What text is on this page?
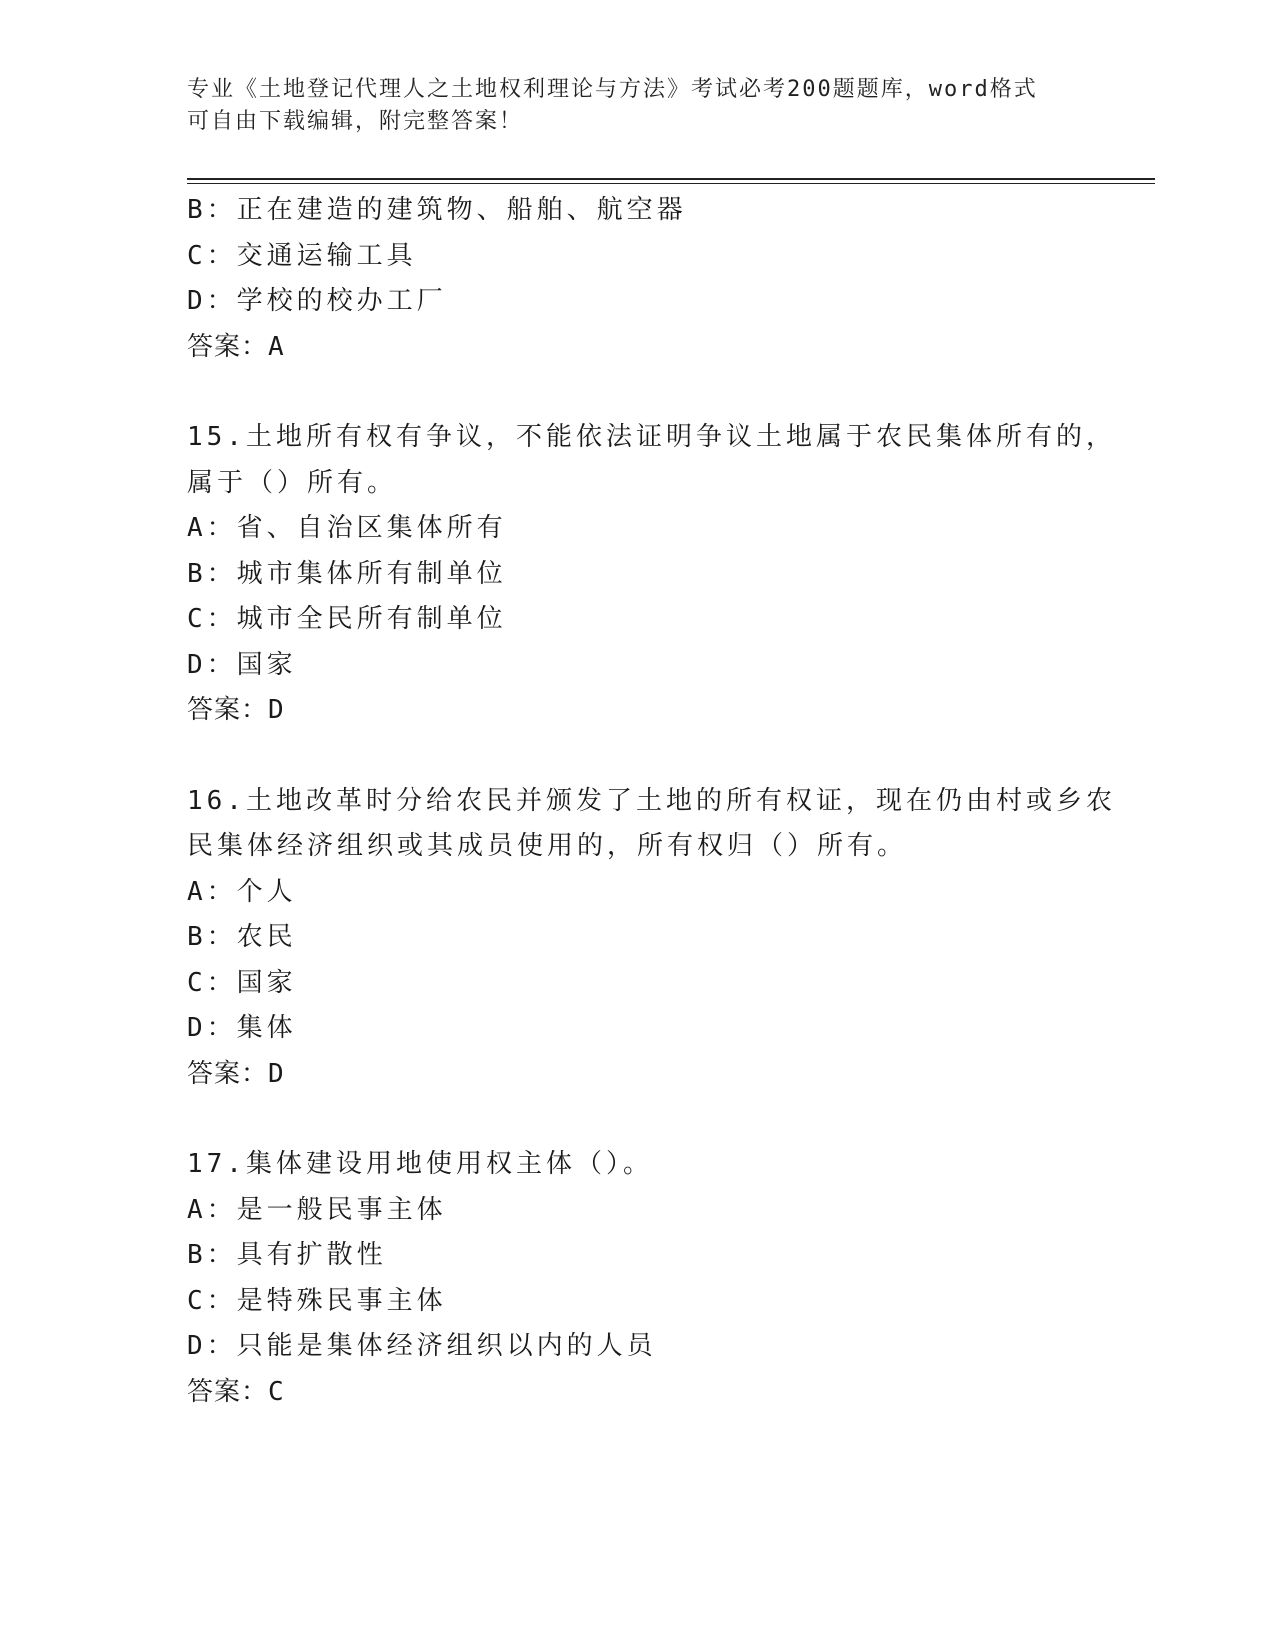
专业《土地登记代理人之土地权利理论与方法》考试必考200题题库，word格式
可自由下载编辑，附完整答案！
B：正在建造的建筑物、船舶、航空器
C：交通运输工具
D：学校的校办工厂
答案：A
15.土地所有权有争议，不能依法证明争议土地属于农民集体所有的，
属于（）所有。
A：省、自治区集体所有
B：城市集体所有制单位
C：城市全民所有制单位
D：国家
答案：D
16.土地改革时分给农民并颁发了土地的所有权证，现在仍由村或乡农
民集体经济组织或其成员使用的，所有权归（）所有。
A：个人
B：农民
C：国家
D：集体
答案：D
17.集体建设用地使用权主体（）。
A：是一般民事主体
B：具有扩散性
C：是特殊民事主体
D：只能是集体经济组织以内的人员
答案：C
